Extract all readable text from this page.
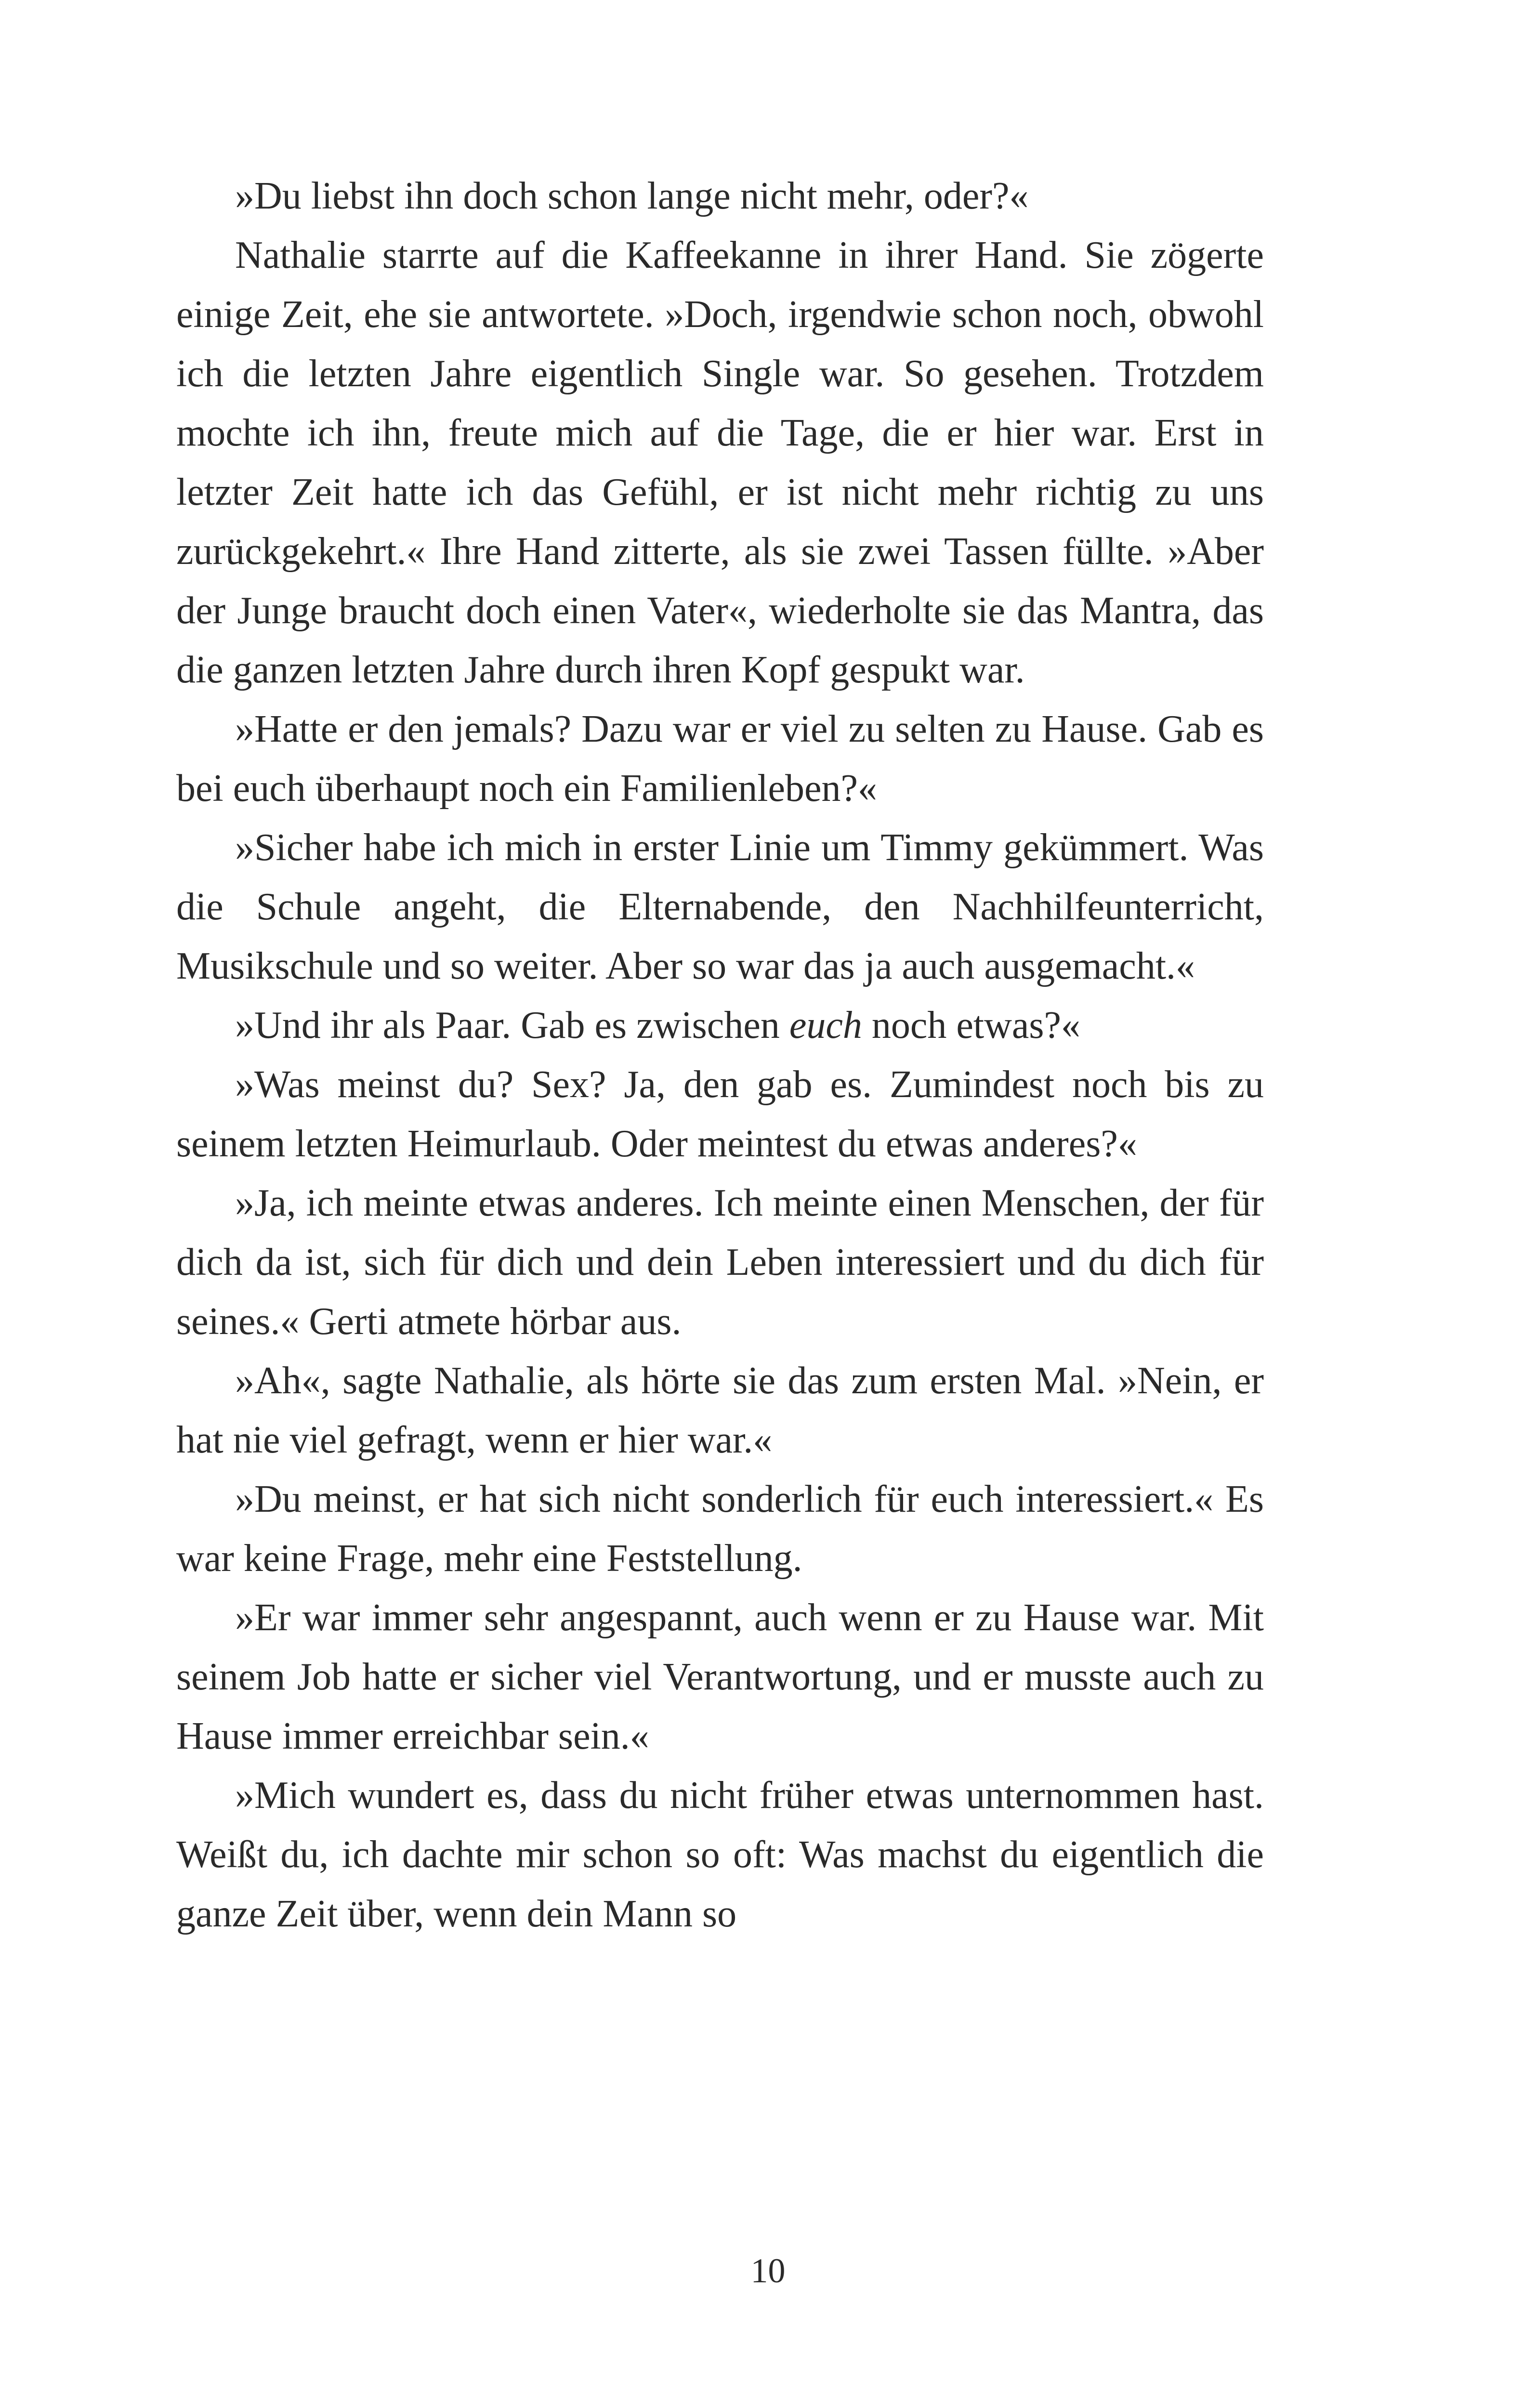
»Du liebst ihn doch schon lange nicht mehr, oder?«

Nathalie starrte auf die Kaffeekanne in ihrer Hand. Sie zögerte einige Zeit, ehe sie antwortete. »Doch, irgendwie schon noch, obwohl ich die letzten Jahre eigentlich Single war. So gesehen. Trotzdem mochte ich ihn, freute mich auf die Tage, die er hier war. Erst in letzter Zeit hatte ich das Gefühl, er ist nicht mehr richtig zu uns zurückgekehrt.« Ihre Hand zitterte, als sie zwei Tassen füllte. »Aber der Junge braucht doch einen Vater«, wiederholte sie das Mantra, das die ganzen letzten Jahre durch ihren Kopf gespukt war.

»Hatte er den jemals? Dazu war er viel zu selten zu Hause. Gab es bei euch überhaupt noch ein Familienleben?«

»Sicher habe ich mich in erster Linie um Timmy gekümmert. Was die Schule angeht, die Elternabende, den Nachhilfeunterricht, Musikschule und so weiter. Aber so war das ja auch ausgemacht.«

»Und ihr als Paar. Gab es zwischen euch noch etwas?«

»Was meinst du? Sex? Ja, den gab es. Zumindest noch bis zu seinem letzten Heimurlaub. Oder meintest du etwas anderes?«

»Ja, ich meinte etwas anderes. Ich meinte einen Menschen, der für dich da ist, sich für dich und dein Leben interessiert und du dich für seines.« Gerti atmete hörbar aus.

»Ah«, sagte Nathalie, als hörte sie das zum ersten Mal. »Nein, er hat nie viel gefragt, wenn er hier war.«

»Du meinst, er hat sich nicht sonderlich für euch interessiert.« Es war keine Frage, mehr eine Feststellung.

»Er war immer sehr angespannt, auch wenn er zu Hause war. Mit seinem Job hatte er sicher viel Verantwortung, und er musste auch zu Hause immer erreichbar sein.«

»Mich wundert es, dass du nicht früher etwas unternommen hast. Weißt du, ich dachte mir schon so oft: Was machst du eigentlich die ganze Zeit über, wenn dein Mann so

10
